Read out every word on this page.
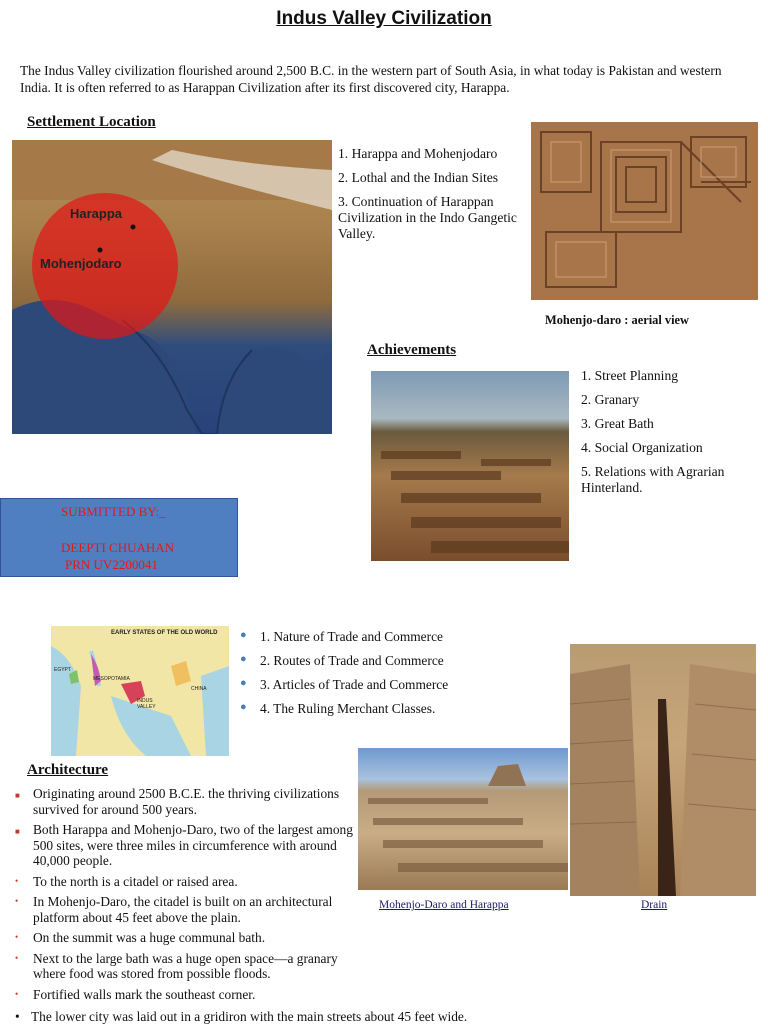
Indus Valley Civilization
The Indus Valley civilization flourished around 2,500 B.C. in the western part of South Asia, in what today is Pakistan and western India. It is often referred to as Harappan Civilization after its first discovered city, Harappa.
Settlement Location
Harappa
Mohenjodaro
1. Harappa and Mohenjodaro
2. Lothal and the Indian Sites
3. Continuation of Harappan Civilization in the Indo Gangetic Valley.
Mohenjo-daro : aerial view
Achievements
1. Street Planning
2. Granary
3. Great Bath
4. Social Organization
5. Relations with Agrarian Hinterland.
SUBMITTED BY:_
DEEPTI CHUAHAN
PRN UV2200041
EARLY STATES OF THE OLD WORLD
EGYPT
MESOPOTAMIA
INDUS VALLEY
CHINA
● 1. Nature of Trade and Commerce
● 2. Routes of Trade and Commerce
● 3. Articles of Trade and Commerce
● 4. The Ruling Merchant Classes.
Mohenjo-Daro and Harappa	Drain
Architecture
■ Originating around 2500 B.C.E. the thriving civilizations survived for around 500 years.
■ Both Harappa and Mohenjo-Daro, two of the largest among 500 sites, were three miles in circumference with around 40,000 people.
• To the north is a citadel or raised area.
• In Mohenjo-Daro, the citadel is built on an architectural platform about 45 feet above the plain.
• On the summit was a huge communal bath.
• Next to the large bath was a huge open space—a granary where food was stored from possible floods.
• Fortified walls mark the southeast corner.
• The lower city was laid out in a gridiron with the main streets about 45 feet wide.
